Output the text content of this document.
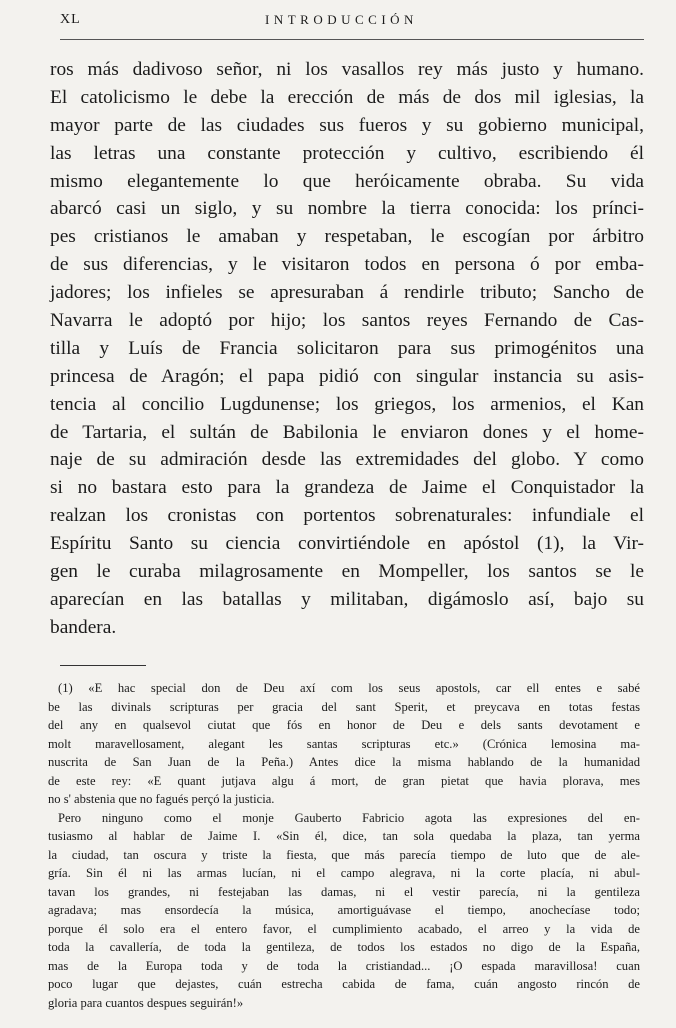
XL	INTRODUCCIÓN
ros más dadivoso señor, ni los vasallos rey más justo y humano.
El catolicismo le debe la erección de más de dos mil iglesias, la
mayor parte de las ciudades sus fueros y su gobierno municipal,
las letras una constante protección y cultivo, escribiendo él
mismo elegantemente lo que heróicamente obraba. Su vida
abarcó casi un siglo, y su nombre la tierra conocida: los prínci-
pes cristianos le amaban y respetaban, le escogían por árbitro
de sus diferencias, y le visitaron todos en persona ó por emba-
jadores; los infieles se apresuraban á rendirle tributo; Sancho de
Navarra le adoptó por hijo; los santos reyes Fernando de Cas-
tilla y Luís de Francia solicitaron para sus primogénitos una
princesa de Aragón; el papa pidió con singular instancia su asis-
tencia al concilio Lugdunense; los griegos, los armenios, el Kan
de Tartaria, el sultán de Babilonia le enviaron dones y el home-
naje de su admiración desde las extremidades del globo. Y como
si no bastara esto para la grandeza de Jaime el Conquistador la
realzan los cronistas con portentos sobrenaturales: infundiale el
Espíritu Santo su ciencia convirtiéndole en apóstol (1), la Vir-
gen le curaba milagrosamente en Mompeller, los santos se le
aparecían en las batallas y militaban, digámoslo así, bajo su
bandera.
(1) «E hac special don de Deu axí com los seus apostols, car ell entes e sabé
be las divinals scripturas per gracia del sant Sperit, et preycava en totas festas
del any en qualsevol ciutat que fós en honor de Deu e dels sants devotament e
molt maravellosament, alegant les santas scripturas etc.» (Crónica lemosina ma-
nuscrita de San Juan de la Peña.) Antes dice la misma hablando de la humanidad
de este rey: «E quant jutjava algu á mort, de gran pietat que havia plorava, mes
no s' abstenia que no fagués perçó la justicia.
Pero ninguno como el monje Gauberto Fabricio agota las expresiones del en-
tusiasmo al hablar de Jaime I. «Sin él, dice, tan sola quedaba la plaza, tan yerma
la ciudad, tan oscura y triste la fiesta, que más parecía tiempo de luto que de ale-
gría. Sin él ni las armas lucían, ni el campo alegrava, ni la corte placía, ni abul-
tavan los grandes, ni festejaban las damas, ni el vestir parecía, ni la gentileza
agradava; mas ensordecía la música, amortiguávase el tiempo, anochecíase todo;
porque él solo era el entero favor, el cumplimiento acabado, el arreo y la vida de
toda la cavallería, de toda la gentileza, de todos los estados no digo de la España,
mas de la Europa toda y de toda la cristiandad... ¡O espada maravillosa! cuan
poco lugar que dejastes, cuán estrecha cabida de fama, cuán angosto rincón de
gloria para cuantos despues seguirán!»
